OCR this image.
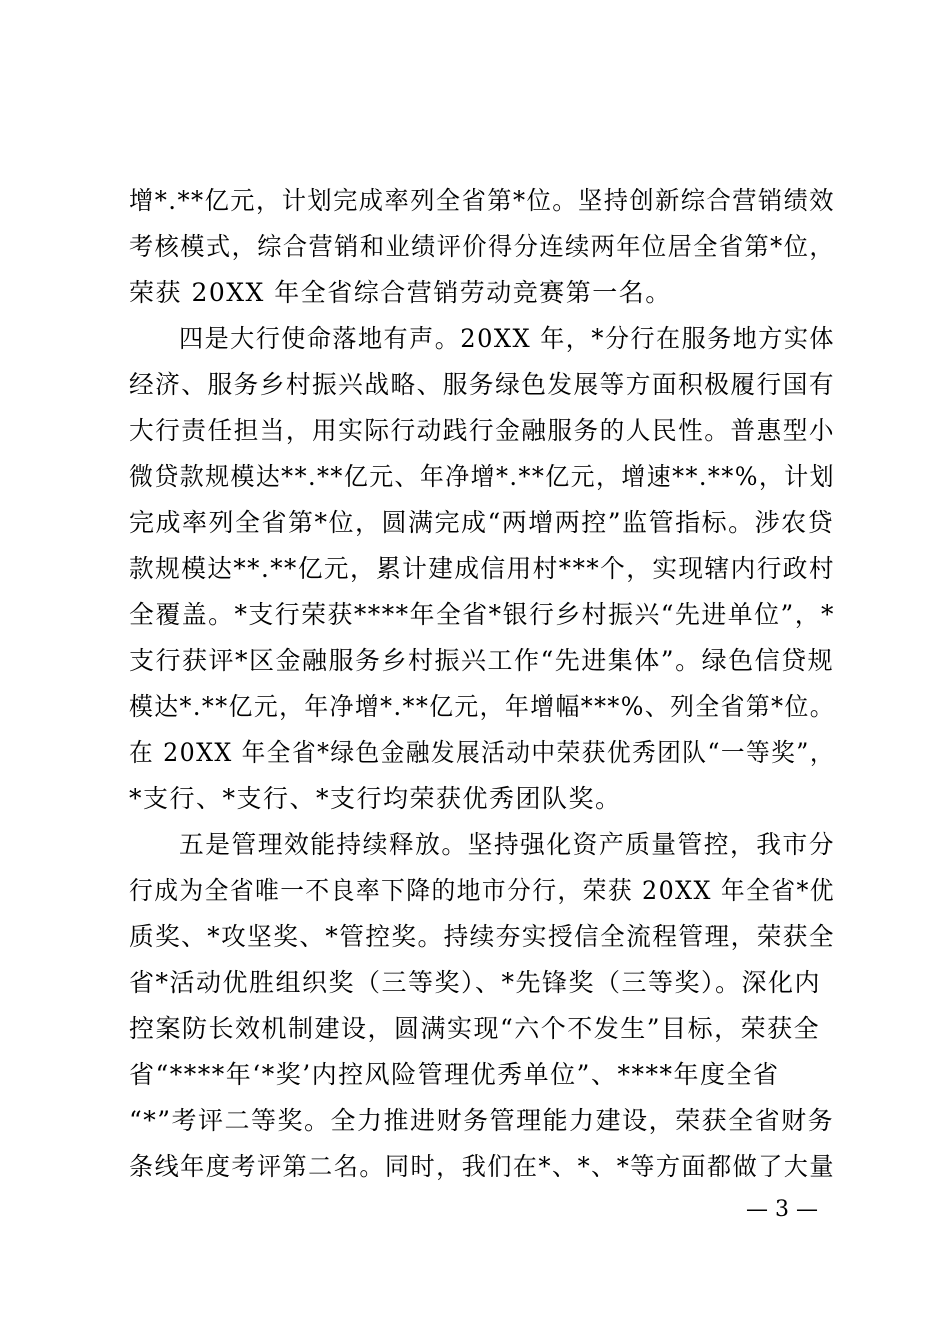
增*.**亿元，计划完成率列全省第*位。坚持创新综合营销绩效
考核模式，综合营销和业绩评价得分连续两年位居全省第*位，
荣获 20XX 年全省综合营销劳动竞赛第一名。
四是大行使命落地有声。20XX 年，*分行在服务地方实体
经济、服务乡村振兴战略、服务绿色发展等方面积极履行国有
大行责任担当，用实际行动践行金融服务的人民性。普惠型小
微贷款规模达**.**亿元、年净增*.**亿元，增速**.**%，计划
完成率列全省第*位，圆满完成“两增两控”监管指标。涉农贷
款规模达**.**亿元，累计建成信用村***个，实现辖内行政村
全覆盖。*支行荣获****年全省*银行乡村振兴“先进单位”，*
支行获评*区金融服务乡村振兴工作“先进集体”。绿色信贷规
模达*.**亿元，年净增*.**亿元，年增幅***%、列全省第*位。
在 20XX 年全省*绿色金融发展活动中荣获优秀团队“一等奖”，
*支行、*支行、*支行均荣获优秀团队奖。
五是管理效能持续释放。坚持强化资产质量管控，我市分
行成为全省唯一不良率下降的地市分行，荣获 20XX 年全省*优
质奖、*攻坚奖、*管控奖。持续夯实授信全流程管理，荣获全
省*活动优胜组织奖（三等奖）、*先锋奖（三等奖）。深化内
控案防长效机制建设，圆满实现“六个不发生”目标，荣获全
省“****年‘*奖’内控风险管理优秀单位”、****年度全省
“*”考评二等奖。全力推进财务管理能力建设，荣获全省财务
条线年度考评第二名。同时，我们在*、*、*等方面都做了大量
— 3 —
